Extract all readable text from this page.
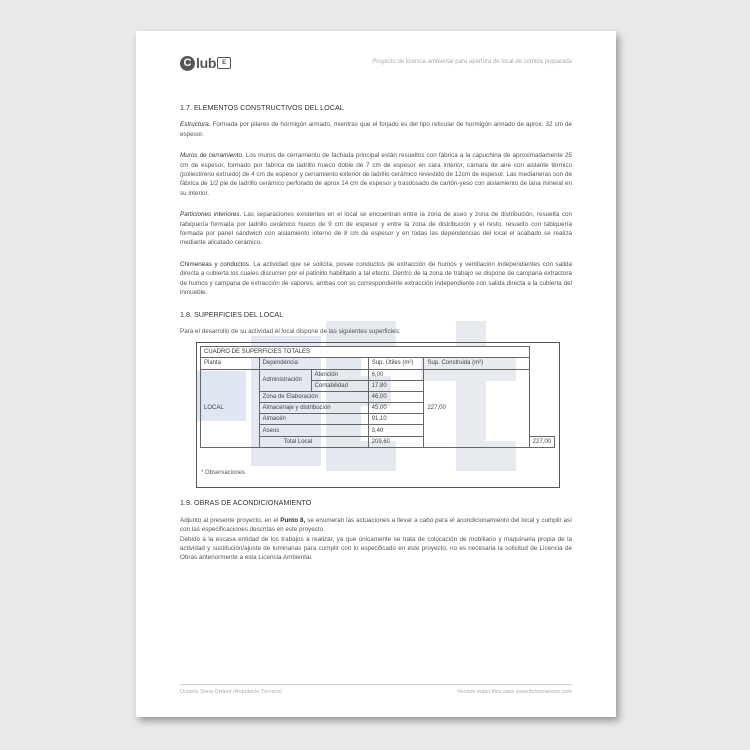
C lub E	Proyecto de licencia ambiental para apertura de local de comida preparada
1.7. ELEMENTOS CONSTRUCTIVOS DEL LOCAL

Estructura. Formada por pilares de hormigón armado, mientras que el forjado es del tipo reticular de hormigón armado de aprox. 32 cm de espesor.

Muros de cerramiento. Los muros de cerramiento de fachada principal están resueltos con fábrica a la capuchina de aproximadamente 25 cm de espesor, formado por fabrica de ladrillo hueco doble de 7 cm de espesor en cara interior, cámara de aire con aislante térmico (poliestireno extruido) de 4 cm de espesor y cerramiento exterior de ladrillo cerámico revestido de 12cm de espesor. Las medianeras son de fábrica de 1/2 pie de ladrillo cerámico perforado de aprox 14 cm de espesor y trasdosado de cartón-yeso con aislamiento de lana mineral en su interior.

Particiones interiores. Las separaciones existentes en el local se encuentran entre la zona de aseo y zona de distribución, resuelta con tabiquería formada por ladrillo cerámico hueco de 9 cm de espesor y entre la zona de distribución y el resto, resuelto con tabiquería formada por panel sándwich con aislamiento interno de 8 cm de espesor y en todas las dependencias del local el acabado se realiza mediante alicatado cerámico.

Chimeneas y conductos. La actividad que se solicita, posee conductos de extracción de humos y ventilación independientes con salida directa a cubierta los cuales discurren por el patinillo habilitado a tal efecto. Dentro de la zona de trabajo se dispone de campana extractora de humos y campana de extracción de vapores, ambas con su correspondiente extracción independiente con salida directa a la cubierta del inmueble.

1.8. SUPERFICIES DEL LOCAL

Para el desarrollo de su actividad el local dispone de las siguientes superficies:

CUADRO DE SUPERFICIES TOTALES					
Planta	Dependencia		Sup. Útiles (m²)	Sup. Construida (m²)	
LOCAL	Administración	Atención	6,00	227,00	
		Contabilidad	17,80		
	Zona de Elaboración		46,00		
	Almacenaje y distribución		45,00		
	Almacén		91,10		
	Aseos		3,40		
	Total Local		209,60		227,00
* Observaciones
1.9. OBRAS DE ACONDICIONAMIENTO

Adjunto al presente proyecto, en el Punto 8, se enumeran las actuaciones a llevar a cabo para el acondicionamiento del local y cumplir así con las especificaciones descritas en este proyecto.

Debido a la escasa entidad de los trabajos a realizar, ya que únicamente se trata de colocación de mobiliario y maquinaria propia de la actividad y sustitución/ajuste de luminarias para cumplir con lo especificado en este proyecto, no es necesaria la solicitud de Licencia de Obras anteriormente a esta Licencia Ambiental.

Octavio Sena Orrient (Arquitecto Técnico)	Versión específica para www.fichcrearions.com
